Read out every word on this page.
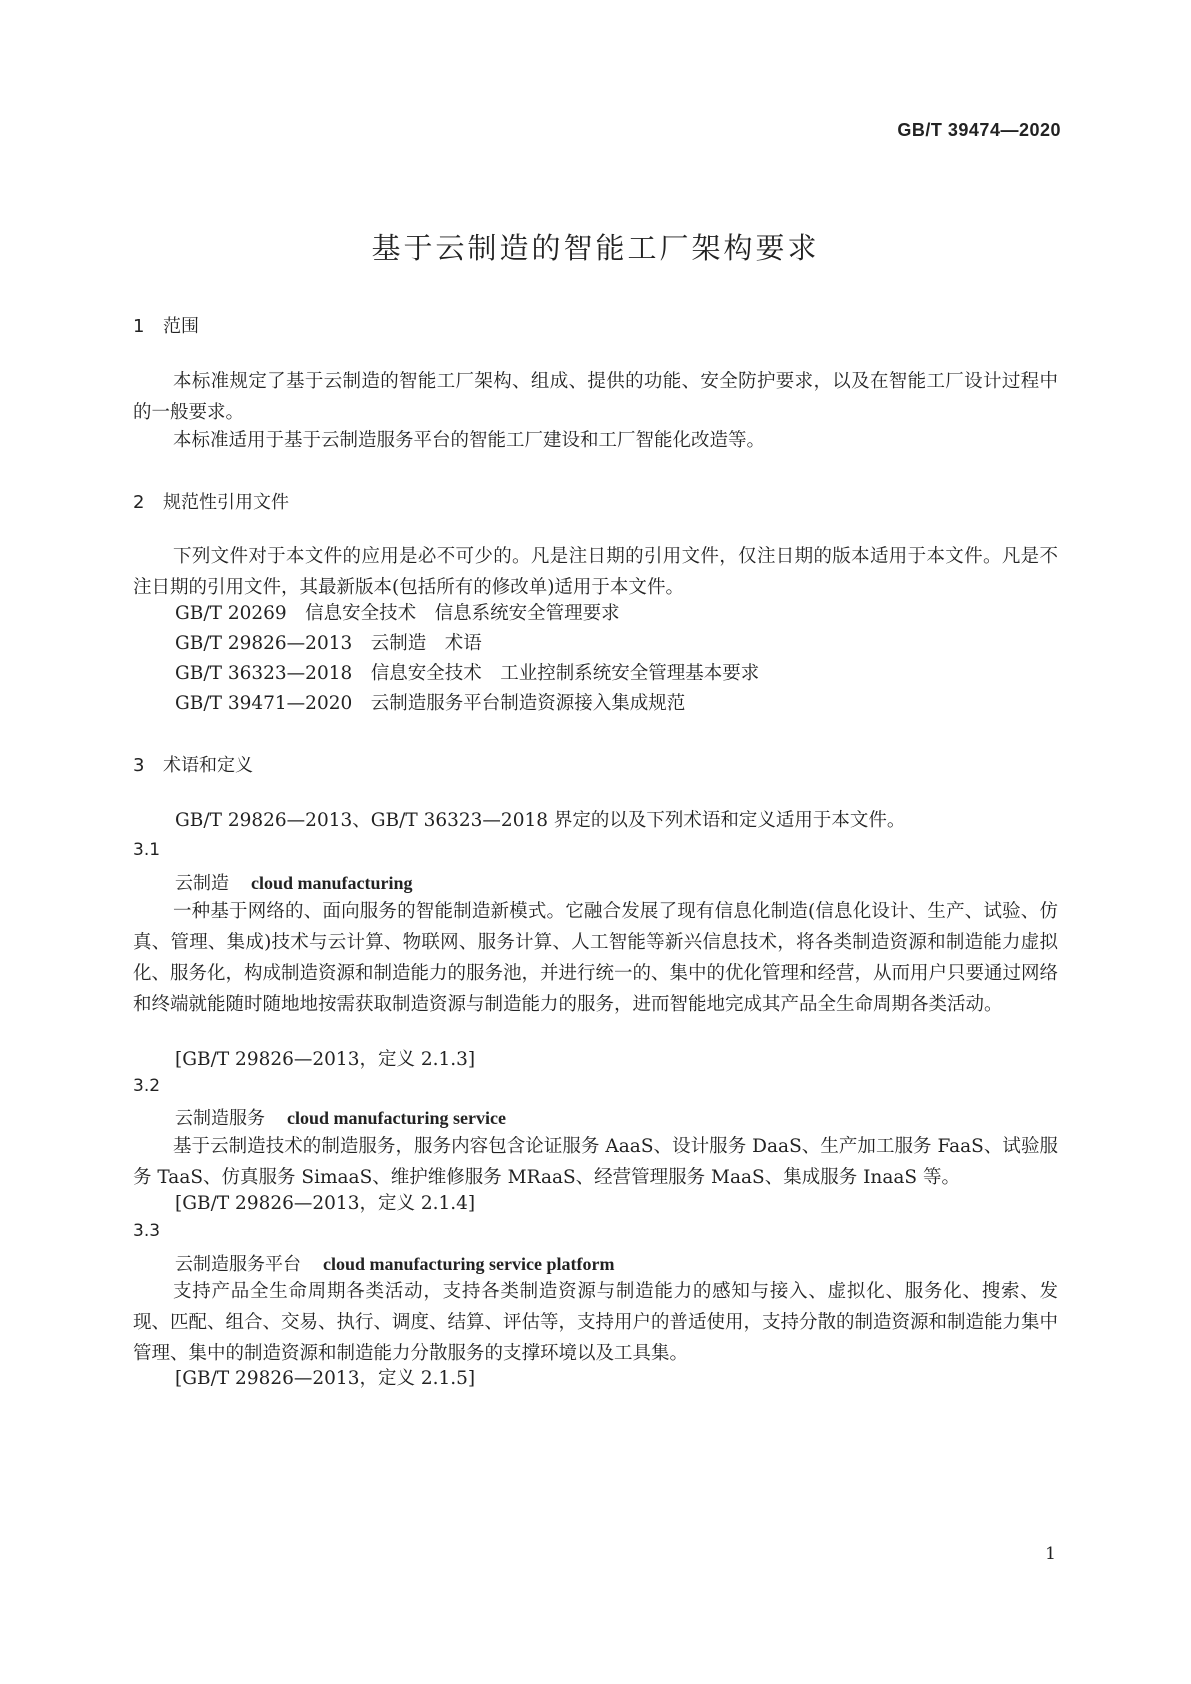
GB/T 39474—2020
基于云制造的智能工厂架构要求
1 范围
本标准规定了基于云制造的智能工厂架构、组成、提供的功能、安全防护要求，以及在智能工厂设计过程中的一般要求。
本标准适用于基于云制造服务平台的智能工厂建设和工厂智能化改造等。
2 规范性引用文件
下列文件对于本文件的应用是必不可少的。凡是注日期的引用文件，仅注日期的版本适用于本文件。凡是不注日期的引用文件，其最新版本(包括所有的修改单)适用于本文件。
GB/T 20269　信息安全技术　信息系统安全管理要求
GB/T 29826—2013　云制造　术语
GB/T 36323—2018　信息安全技术　工业控制系统安全管理基本要求
GB/T 39471—2020　云制造服务平台制造资源接入集成规范
3 术语和定义
GB/T 29826—2013、GB/T 36323—2018 界定的以及下列术语和定义适用于本文件。
3.1
云制造 cloud manufacturing
一种基于网络的、面向服务的智能制造新模式。它融合发展了现有信息化制造(信息化设计、生产、试验、仿真、管理、集成)技术与云计算、物联网、服务计算、人工智能等新兴信息技术，将各类制造资源和制造能力虚拟化、服务化，构成制造资源和制造能力的服务池，并进行统一的、集中的优化管理和经营，从而用户只要通过网络和终端就能随时随地地按需获取制造资源与制造能力的服务，进而智能地完成其产品全生命周期各类活动。
[GB/T 29826—2013，定义 2.1.3]
3.2
云制造服务 cloud manufacturing service
基于云制造技术的制造服务，服务内容包含论证服务 AaaS、设计服务 DaaS、生产加工服务 FaaS、试验服务 TaaS、仿真服务 SimaaS、维护维修服务 MRaaS、经营管理服务 MaaS、集成服务 InaaS 等。
[GB/T 29826—2013，定义 2.1.4]
3.3
云制造服务平台 cloud manufacturing service platform
支持产品全生命周期各类活动，支持各类制造资源与制造能力的感知与接入、虚拟化、服务化、搜索、发现、匹配、组合、交易、执行、调度、结算、评估等，支持用户的普适使用，支持分散的制造资源和制造能力集中管理、集中的制造资源和制造能力分散服务的支撑环境以及工具集。
[GB/T 29826—2013，定义 2.1.5]
1
